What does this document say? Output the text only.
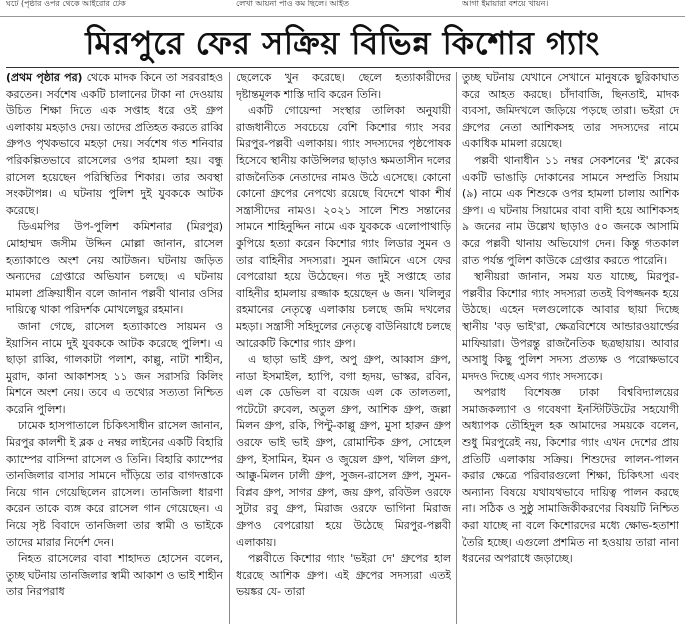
ঘটে (পৃষ্ঠার ওপর থেকে আইরোর টেক	লেখা আয়না পাও কম ছিলে। আইত	আগা ইমায়ারা বশয়ে খায়ন।
মিরপুরে ফের সক্রিয় বিভিন্ন কিশোর গ্যাং

(প্রথম পৃষ্ঠার পর) থেকে মাদক কিনে তা সরবরাহও করতেন। সর্বশেষ একটি চালানের টাকা না দেওয়ায় উচিত শিক্ষা দিতে এক সপ্তাহ ধরে ওই গ্রুপ এলাকায় মহড়াও দেয়। তাদের প্রতিহত করতে রাব্বি গ্রুপও পৃথকভাবে মহড়া দেয়। সর্বশেষ গত শনিবার পরিকল্পিতভাবে রাসেলের ওপর হামলা হয়। বন্ধু রাসেল হয়েছেন পরিস্থিতির শিকার। তার অবস্থা সংকটাপন্ন। এ ঘটনায় পুলিশ দুই যুবককে আটক করেছে।

ডিএমপির উপ-পুলিশ কমিশনার (মিরপুর) মোহাম্মদ জসীম উদ্দিন মোল্লা জানান, রাসেল হত্যাকাণ্ডে অংশ নেয় আটজন। ঘটনায় জড়িত অন্যদের গ্রেপ্তারে অভিযান চলছে। এ ঘটনায় মামলা প্রক্রিয়াধীন বলে জানান পল্লবী থানার ওসির দায়িত্বে থাকা পরিদর্শক মোখলেছুর রহমান।

জানা গেছে, রাসেল হত্যাকাণ্ডে সায়মন ও ইয়াসিন নামে দুই যুবককে আটক করেছে পুলিশ। এ ছাড়া রাব্বি, গালকাটা পলাশ, কাল্লু, নাটা শাহীন, মুরাদ, কানা আকাশসহ ১১ জন সরাসরি কিলিং মিশনে অংশ নেয়। তবে এ তথ্যের সত্যতা নিশ্চিত করেনি পুলিশ।

ঢামেক হাসপাতালে চিকিৎসাধীন রাসেল জানান, মিরপুর কালশী ই ব্লক ৫ নম্বর লাইনের একটি বিহারি ক্যাম্পের বাসিন্দা রাসেল ও তিনি। বিহারি ক্যাম্পের তানজিলার বাসার সামনে দাঁড়িয়ে তার বাগদত্তাকে নিয়ে গান গেয়েছিলেন রাসেল। তানজিলা ধারণা করেন তাকে ব্যঙ্গ করে রাসেল গান গেয়েছেন। এ নিয়ে সৃষ্ট বিবাদে তানজিলা তার স্বামী ও ভাইকে তাদের মারার নির্দেশ দেন।

নিহত রাসেলের বাবা শাহাদত হোসেন বলেন, তুচ্ছ ঘটনায় তানজিলার স্বামী আকাশ ও ভাই শাহীন তার নিরপরাধ

ছেলেকে খুন করেছে। ছেলে হত্যাকারীদের দৃষ্টান্তমূলক শাস্তি দাবি করেন তিনি।

একটি গোয়েন্দা সংস্থার তালিকা অনুযায়ী রাজধানীতে সবচেয়ে বেশি কিশোর গ্যাং সবর মিরপুর-পল্লবী এলাকায়। গ্যাং সদস্যদের পৃষ্ঠপোষক হিসেবে স্থানীয় কাউন্সিলর ছাড়াও ক্ষমতাসীন দলের রাজনৈতিক নেতাদের নামও উঠে এসেছে। কোনো কোনো গ্রুপের নেপথ্যে রয়েছে বিদেশে থাকা শীর্ষ সন্ত্রাসীদের নামও। ২০২১ সালে শিশু সন্তানের সামনে শাহিনুদ্দিন নামে এক যুবককে এলোপাথাড়ি কুপিয়ে হত্যা করেন কিশোর গ্যাং লিডার সুমন ও তার বাহিনীর সদস্যরা। সুমন জামিনে এসে ফের বেপরোয়া হয়ে উঠেছেন। গত দুই সপ্তাহে তার বাহিনীর হামলায় রজ্জাক হয়েছেন ৬ জন। খলিলুর রহমানের নেতৃত্বে এলাকায় চলছে জমি দখলের মহড়া। সন্ত্রাসী সহিদুলের নেতৃত্বে বাউনিয়াধে চলছে আরেকটি কিশোর গ্যাং গ্রুপ।

এ ছাড়া ভাই গ্রুপ, অপু গ্রুপ, আব্বাস গ্রুপ, নাডা ইসমাইল, হ্যাপি, বগা হৃদয়, ভাস্কর, রবিন, এল কে ডেভিল বা বয়েজ এল কে তালতলা, পটেটো রুবেল, অতুল গ্রুপ, আশিক গ্রুপ, জল্লা মিলন গ্রুপ, রকি, পিন্টু-কাল্লু গ্রুপ, মুসা হারুন গ্রুপ ওরফে ভাই ভাই গ্রুপ, রোমান্টিক গ্রুপ, সোহেল গ্রুপ, ইসামিন, ইমন ও জুয়েল গ্রুপ, খলিল গ্রুপ, আক্কু-মিলন ঢালী গ্রুপ, সুজন-রাসেল গ্রুপ, সুমন-বিপ্লব গ্রুপ, সাগর গ্রুপ, জয় গ্রুপ, রবিউল ওরফে সুটার রবু গ্রুপ, মিরাজ ওরফে ভাগিনা মিরাজ গ্রুপও বেপরোয়া হয়ে উঠেছে মিরপুর-পল্লবী এলাকায়।

পল্লবীতে কিশোর গ্যাং 'ভইরা দে' গ্রুপের হাল ধরেছে আশিক গ্রুপ। এই গ্রুপের সদস্যরা এতই ভয়ঙ্কর যে- তারা

তুচ্ছ ঘটনায় যেখানে সেখানে মানুষকে ছুরিকাঘাত করে আহত করছে। চাঁদাবাজি, ছিনতাই, মাদক ব্যবসা, জমিদখলে জড়িয়ে পড়ছে তারা। ভইরা দে গ্রুপের নেতা আশিকসহ তার সদস্যদের নামে একাধিক মামলা রয়েছে।

পল্লবী থানাধীন ১১ নম্বর সেকশনের 'ই' ব্লকের একটি ভাঙাড়ি দোকানের সামনে সম্প্রতি সিয়াম (৯) নামে এক শিশুকে ওপর হামলা চালায় আশিক গ্রুপ। এ ঘটনায় সিয়ামের বাবা বাদী হয়ে আশিকসহ ৯ জনের নাম উল্লেখ ছাড়াও ৫০ জনকে আসামি করে পল্লবী থানায় অভিযোগ দেন। কিন্তু গতকাল রাত পর্যন্ত পুলিশ কাউকে গ্রেপ্তার করতে পারেনি।

স্থানীয়রা জানান, সময় যত যাচ্ছে, মিরপুর-পল্লবীর কিশোর গ্যাং সদস্যরা ততই বিপজ্জনক হয়ে উঠছে। এহেন দলগুলোকে আবার ছায়া দিচ্ছে স্থানীয় 'বড় ভাই'রা, ক্ষেত্রবিশেষে আন্ডারওয়ার্ল্ডের মাফিয়ারা। উপরন্তু রাজনৈতিক ছত্রছায়ায়। আবার অসাধু কিছু পুলিশ সদস্য প্রত্যক্ষ ও পরোক্ষভাবে মদদও দিচ্ছে এসব গ্যাং সদস্যকে।

অপরাধ বিশেষজ্ঞ ঢাকা বিশ্ববিদ্যালয়ের সমাজকল্যাণ ও গবেষণা ইনস্টিটিউটের সহযোগী অধ্যাপক তৌহিদুল হক আমাদের সময়কে বলেন, শুধু মিরপুরেই নয়, কিশোর গ্যাং এখন দেশের প্রায় প্রতিটি এলাকায় সক্রিয়। শিশুদের লালন-পালন করার ক্ষেত্রে পরিবারগুলো শিক্ষা, চিকিৎসা এবং অন্যান্য বিষয়ে যথাযথভাবে দায়িত্ব পালন করছে না। সঠিক ও সুষ্ঠু সামাজিকীকরণের বিষয়টি নিশ্চিত করা যাচ্ছে না বলে কিশোরদের মধ্যে ক্ষোভ-হতাশা তৈরি হচ্ছে। এগুলো প্রশমিত না হওয়ায় তারা নানা ধরনের অপরাধে জড়াচ্ছে।
